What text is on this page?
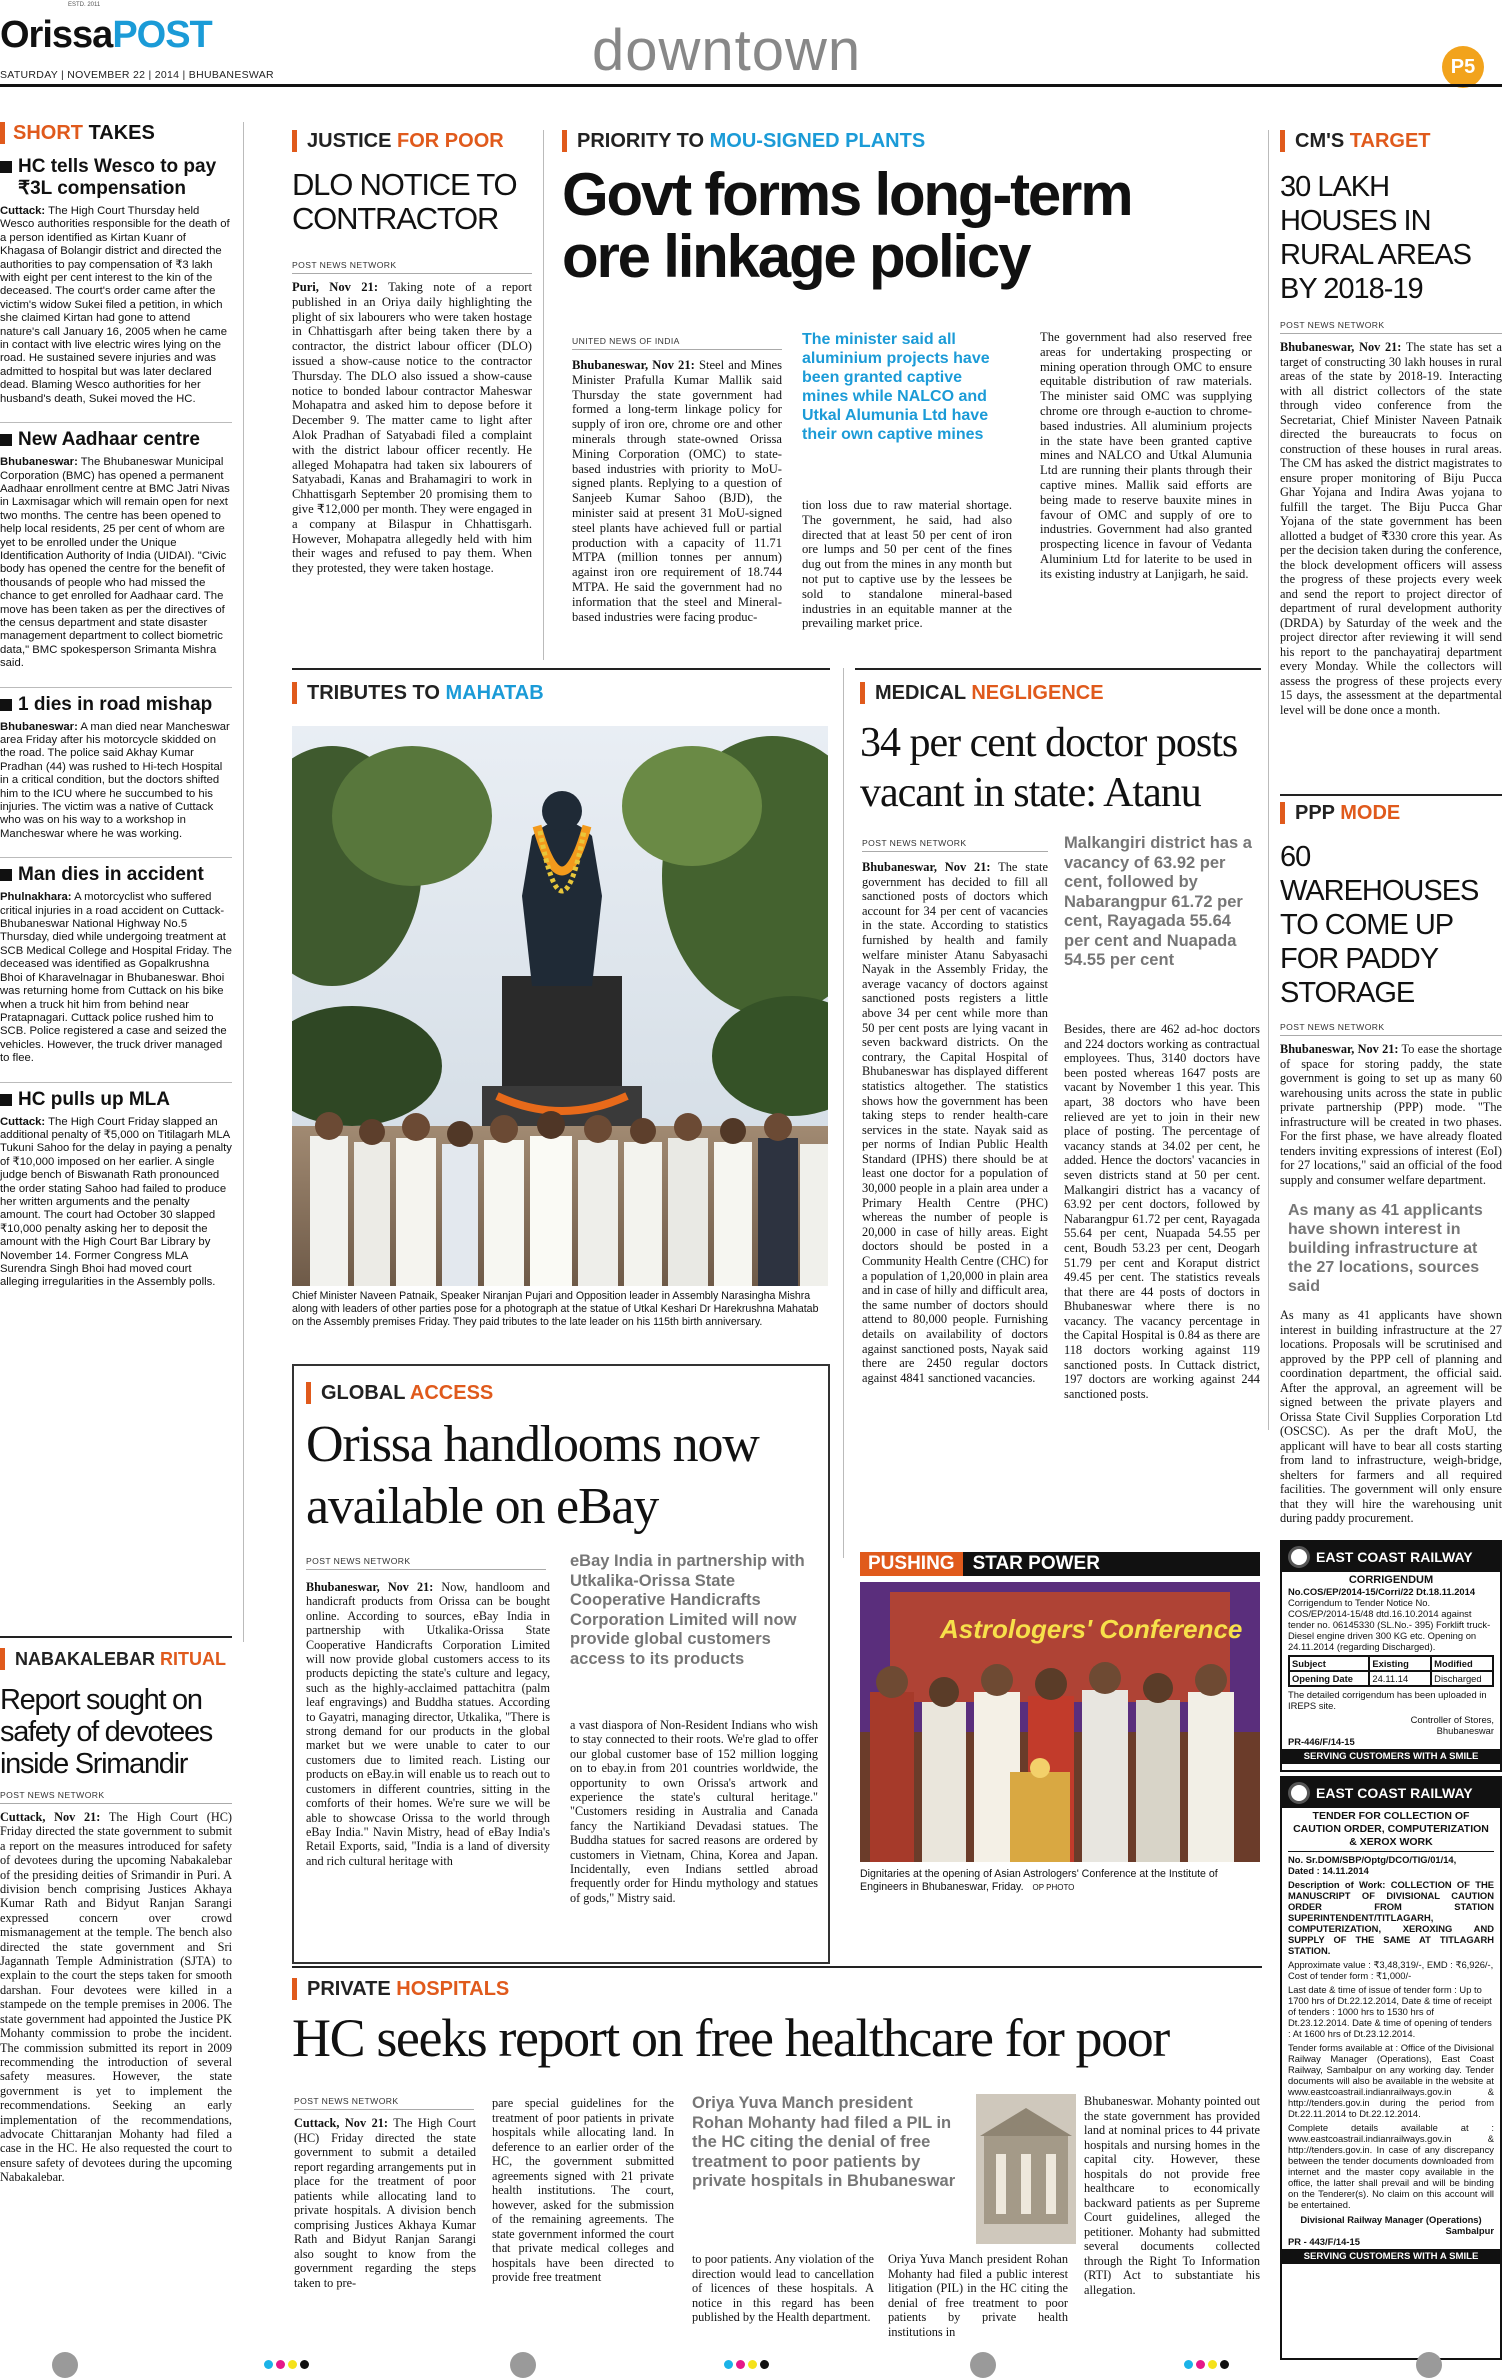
ESTD. 2011
OrissaPOST
SATURDAY | NOVEMBER 22 | 2014 | BHUBANESWAR	downtown	P5
SHORT TAKES
HC tells Wesco to pay ₹3L compensation
Cuttack: The High Court Thursday held Wesco authorities responsible for the death of a person identified as Kirtan Kuanr of Khagasa of Bolangir district and directed the authorities to pay compensation of ₹3 lakh with eight per cent interest to the kin of the deceased. The court's order came after the victim's widow Sukei filed a petition, in which she claimed Kirtan had gone to attend nature's call January 16, 2005 when he came in contact with live electric wires lying on the road. He sustained severe injuries and was admitted to hospital but was later declared dead. Blaming Wesco authorities for her husband's death, Sukei moved the HC.
New Aadhaar centre
Bhubaneswar: The Bhubaneswar Municipal Corporation (BMC) has opened a permanent Aadhaar enrollment centre at BMC Jatri Nivas in Laxmisagar which will remain open for next two months. The centre has been opened to help local residents, 25 per cent of whom are yet to be enrolled under the Unique Identification Authority of India (UIDAI). "Civic body has opened the centre for the benefit of thousands of people who had missed the chance to get enrolled for Aadhaar card. The move has been taken as per the directives of the census department and state disaster management department to collect biometric data," BMC spokesperson Srimanta Mishra said.
1 dies in road mishap
Bhubaneswar: A man died near Mancheswar area Friday after his motorcycle skidded on the road. The police said Akhay Kumar Pradhan (44) was rushed to Hi-tech Hospital in a critical condition, but the doctors shifted him to the ICU where he succumbed to his injuries. The victim was a native of Cuttack who was on his way to a workshop in Mancheswar where he was working.
Man dies in accident
Phulnakhara: A motorcyclist who suffered critical injuries in a road accident on Cuttack-Bhubaneswar National Highway No.5 Thursday, died while undergoing treatment at SCB Medical College and Hospital Friday. The deceased was identified as Gopalkrushna Bhoi of Kharavelnagar in Bhubaneswar. Bhoi was returning home from Cuttack on his bike when a truck hit him from behind near Pratapnagari. Cuttack police rushed him to SCB. Police registered a case and seized the vehicles. However, the truck driver managed to flee.
HC pulls up MLA
Cuttack: The High Court Friday slapped an additional penalty of ₹5,000 on Titilagarh MLA Tukuni Sahoo for the delay in paying a penalty of ₹10,000 imposed on her earlier. A single judge bench of Biswanath Rath pronounced the order stating Sahoo had failed to produce her written arguments and the penalty amount. The court had October 30 slapped ₹10,000 penalty asking her to deposit the amount with the High Court Bar Library by November 14. Former Congress MLA Surendra Singh Bhoi had moved court alleging irregularities in the Assembly polls.
NABAKALEBAR RITUAL
Report sought on safety of devotees inside Srimandir
POST NEWS NETWORK
Cuttack, Nov 21: The High Court (HC) Friday directed the state government to submit a report on the measures introduced for safety of devotees during the upcoming Nabakalebar of the presiding deities of Srimandir in Puri. A division bench comprising Justices Akhaya Kumar Rath and Bidyut Ranjan Sarangi expressed concern over crowd mismanagement at the temple. The bench also directed the state government and Sri Jagannath Temple Administration (SJTA) to explain to the court the steps taken for smooth darshan. Four devotees were killed in a stampede on the temple premises in 2006. The state government had appointed the Justice PK Mohanty commission to probe the incident. The commission submitted its report in 2009 recommending the introduction of several safety measures. However, the state government is yet to implement the recommendations. Seeking an early implementation of the recommendations, advocate Chittaranjan Mohanty had filed a case in the HC. He also requested the court to ensure safety of devotees during the upcoming Nabakalebar.
JUSTICE FOR POOR
DLO NOTICE TO CONTRACTOR
POST NEWS NETWORK
Puri, Nov 21: Taking note of a report published in an Oriya daily highlighting the plight of six labourers who were taken hostage in Chhattisgarh after being taken there by a contractor, the district labour officer (DLO) issued a show-cause notice to the contractor Thursday. The DLO also issued a show-cause notice to bonded labour contractor Maheswar Mohapatra and asked him to depose before it December 9. The matter came to light after Alok Pradhan of Satyabadi filed a complaint with the district labour officer recently. He alleged Mohapatra had taken six labourers of Satyabadi, Kanas and Brahamagiri to work in Chhattisgarh September 20 promising them to give ₹12,000 per month. They were engaged in a company at Bilaspur in Chhattisgarh. However, Mohapatra allegedly held with him their wages and refused to pay them. When they protested, they were taken hostage.
PRIORITY TO MOU-SIGNED PLANTS
Govt forms long-term ore linkage policy
UNITED NEWS OF INDIA
Bhubaneswar, Nov 21: Steel and Mines Minister Prafulla Kumar Mallik said Thursday the state government had formed a long-term linkage policy for supply of iron ore, chrome ore and other minerals through state-owned Orissa Mining Corporation (OMC) to state-based industries with priority to MoU-signed plants. Replying to a question of Sanjeeb Kumar Sahoo (BJD), the minister said at present 31 MoU-signed steel plants have achieved full or partial production with a capacity of 11.71 MTPA (million tonnes per annum) against iron ore requirement of 18.744 MTPA. He said the government had no information that the steel and Mineral-based industries were facing produc-
The minister said all aluminium projects have been granted captive mines while NALCO and Utkal Alumunia Ltd have their own captive mines
tion loss due to raw material shortage. The government, he said, had also directed that at least 50 per cent of iron ore lumps and 50 per cent of the fines dug out from the mines in any month but not put to captive use by the lessees be sold to standalone mineral-based industries in an equitable manner at the prevailing market price.
The government had also reserved free areas for undertaking prospecting or mining operation through OMC to ensure equitable distribution of raw materials. The minister said OMC was supplying chrome ore through e-auction to chrome-based industries. All aluminium projects in the state have been granted captive mines and NALCO and Utkal Alumunia Ltd are running their plants through their captive mines. Mallik said efforts are being made to reserve bauxite mines in favour of OMC and supply of ore to industries. Government had also granted prospecting licence in favour of Vedanta Aluminium Ltd for laterite to be used in its existing industry at Lanjigarh, he said.
CM'S TARGET
30 LAKH HOUSES IN RURAL AREAS BY 2018-19
POST NEWS NETWORK
Bhubaneswar, Nov 21: The state has set a target of constructing 30 lakh houses in rural areas of the state by 2018-19. Interacting with all district collectors of the state through video conference from the Secretariat, Chief Minister Naveen Patnaik directed the bureaucrats to focus on construction of these houses in rural areas. The CM has asked the district magistrates to ensure proper monitoring of Biju Pucca Ghar Yojana and Indira Awas yojana to fulfill the target. The Biju Pucca Ghar Yojana of the state government has been allotted a budget of ₹330 crore this year. As per the decision taken during the conference, the block development officers will assess the progress of these projects every week and send the report to project director of department of rural development authority (DRDA) by Saturday of the week and the project director after reviewing it will send his report to the panchayatiraj department every Monday. While the collectors will assess the progress of these projects every 15 days, the assessment at the departmental level will be done once a month.
PPP MODE
60 WAREHOUSES TO COME UP FOR PADDY STORAGE
POST NEWS NETWORK
Bhubaneswar, Nov 21: To ease the shortage of space for storing paddy, the state government is going to set up as many 60 warehousing units across the state in public private partnership (PPP) mode. "The infrastructure will be created in two phases. For the first phase, we have already floated tenders inviting expressions of interest (EoI) for 27 locations," said an official of the food supply and consumer welfare department.
As many as 41 applicants have shown interest in building infrastructure at the 27 locations, sources said
As many as 41 applicants have shown interest in building infrastructure at the 27 locations. Proposals will be scrutinised and approved by the PPP cell of planning and coordination department, the official said. After the approval, an agreement will be signed between the private players and Orissa State Civil Supplies Corporation Ltd (OSCSC). As per the draft MoU, the applicant will have to bear all costs starting from land to infrastructure, weigh-bridge, shelters for farmers and all required facilities. The government will only ensure that they will hire the warehousing unit during paddy procurement.
TRIBUTES TO MAHATAB
Chief Minister Naveen Patnaik, Speaker Niranjan Pujari and Opposition leader in Assembly Narasingha Mishra along with leaders of other parties pose for a photograph at the statue of Utkal Keshari Dr Harekrushna Mahatab on the Assembly premises Friday. They paid tributes to the late leader on his 115th birth anniversary.
MEDICAL NEGLIGENCE
34 per cent doctor posts vacant in state: Atanu
POST NEWS NETWORK
Bhubaneswar, Nov 21: The state government has decided to fill all sanctioned posts of doctors which account for 34 per cent of vacancies in the state. According to statistics furnished by health and family welfare minister Atanu Sabyasachi Nayak in the Assembly Friday, the average vacancy of doctors against sanctioned posts registers a little above 34 per cent while more than 50 per cent posts are lying vacant in seven backward districts. On the contrary, the Capital Hospital of Bhubaneswar has displayed different statistics altogether. The statistics shows how the government has been taking steps to render health-care services in the state. Nayak said as per norms of Indian Public Health Standard (IPHS) there should be at least one doctor for a population of 30,000 people in a plain area under a Primary Health Centre (PHC) whereas the number of people is 20,000 in case of hilly areas. Eight doctors should be posted in a Community Health Centre (CHC) for a population of 1,20,000 in plain area and in case of hilly and difficult area, the same number of doctors should attend to 80,000 people. Furnishing details on availability of doctors against sanctioned posts, Nayak said there are 2450 regular doctors against 4841 sanctioned vacancies.
Malkangiri district has a vacancy of 63.92 per cent, followed by Nabarangpur 61.72 per cent, Rayagada 55.64 per cent and Nuapada 54.55 per cent
Besides, there are 462 ad-hoc doctors and 224 doctors working as contractual employees. Thus, 3140 doctors have been posted whereas 1647 posts are vacant by November 1 this year. This apart, 38 doctors who have been relieved are yet to join in their new place of posting. The percentage of vacancy stands at 34.02 per cent, he added. Hence the doctors' vacancies in seven districts stand at 50 per cent. Malkangiri district has a vacancy of 63.92 per cent doctors, followed by Nabarangpur 61.72 per cent, Rayagada 55.64 per cent, Nuapada 54.55 per cent, Boudh 53.23 per cent, Deogarh 51.79 per cent and Koraput district 49.45 per cent. The statistics reveals that there are 44 posts of doctors in Bhubaneswar where there is no vacancy. The vacancy percentage in the Capital Hospital is 0.84 as there are 118 doctors working against 119 sanctioned posts. In Cuttack district, 197 doctors are working against 244 sanctioned posts.
GLOBAL ACCESS
Orissa handlooms now available on eBay
POST NEWS NETWORK
Bhubaneswar, Nov 21: Now, handloom and handicraft products from Orissa can be bought online. According to sources, eBay India in partnership with Utkalika-Orissa State Cooperative Handicrafts Corporation Limited will now provide global customers access to its products depicting the state's culture and legacy, such as the highly-acclaimed pattachitra (palm leaf engravings) and Buddha statues. According to Gayatri, managing director, Utkalika, "There is strong demand for our products in the global market but we were unable to cater to our customers due to limited reach. Listing our products on eBay.in will enable us to reach out to customers in different countries, sitting in the comforts of their homes. We're sure we will be able to showcase Orissa to the world through eBay India." Navin Mistry, head of eBay India's Retail Exports, said, "India is a land of diversity and rich cultural heritage with
eBay India in partnership with Utkalika-Orissa State Cooperative Handicrafts Corporation Limited will now provide global customers access to its products
a vast diaspora of Non-Resident Indians who wish to stay connected to their roots. We're glad to offer our global customer base of 152 million logging on to ebay.in from 201 countries worldwide, the opportunity to own Orissa's artwork and experience the state's cultural heritage." "Customers residing in Australia and Canada fancy the Nartikiand Devadasi statues. The Buddha statues for sacred reasons are ordered by customers in Vietnam, China, Korea and Japan. Incidentally, even Indians settled abroad frequently order for Hindu mythology and statues of gods," Mistry said.
PUSHING STAR POWER
Astrologers' Conference
Dignitaries at the opening of Asian Astrologers' Conference at the Institute of Engineers in Bhubaneswar, Friday. OP PHOTO
PRIVATE HOSPITALS
HC seeks report on free healthcare for poor
POST NEWS NETWORK
Cuttack, Nov 21: The High Court (HC) Friday directed the state government to submit a detailed report regarding arrangements put in place for the treatment of poor patients while allocating land to private hospitals. A division bench comprising Justices Akhaya Kumar Rath and Bidyut Ranjan Sarangi also sought to know from the government regarding the steps taken to pre-
pare special guidelines for the treatment of poor patients in private hospitals while allocating land. In deference to an earlier order of the HC, the government submitted agreements signed with 21 private health institutions. The court, however, asked for the submission of the remaining agreements. The state government informed the court that private medical colleges and hospitals have been directed to provide free treatment
Oriya Yuva Manch president Rohan Mohanty had filed a PIL in the HC citing the denial of free treatment to poor patients by private hospitals in Bhubaneswar
to poor patients. Any violation of the direction would lead to cancellation of licences of these hospitals. A notice in this regard has been published by the Health department.
Oriya Yuva Manch president Rohan Mohanty had filed a public interest litigation (PIL) in the HC citing the denial of free treatment to poor patients by private health institutions in
Bhubaneswar. Mohanty pointed out the state government has provided land at nominal prices to 44 private hospitals and nursing homes in the capital city. However, these hospitals do not provide free healthcare to economically backward patients as per Supreme Court guidelines, alleged the petitioner. Mohanty had submitted several documents collected through the Right To Information (RTI) Act to substantiate his allegation.
EAST COAST RAILWAY
CORRIGENDUM
No.COS/EP/2014-15/Corri/22 Dt.18.11.2014
Corrigendum to Tender Notice No. COS/EP/2014-15/48 dtd.16.10.2014 against tender no. 06145330 (SL.No.- 395) Forklift truck-Diesel engine driven 300 KG etc. Opening on 24.11.2014 (regarding Discharged).
Subject	Existing	Modified
Opening Date	24.11.14	Discharged
The detailed corrigendum has been uploaded in IREPS site.
Controller of Stores,
Bhubaneswar
PR-446/F/14-15
SERVING CUSTOMERS WITH A SMILE
EAST COAST RAILWAY
TENDER FOR COLLECTION OF CAUTION ORDER, COMPUTERIZATION & XEROX WORK
No. Sr.DOM/SBP/Optg/DCO/TIG/01/14,
Dated : 14.11.2014
Description of Work: COLLECTION OF THE MANUSCRIPT OF DIVISIONAL CAUTION ORDER FROM STATION SUPERINTENDENT/TITLAGARH, COMPUTERIZATION, XEROXING AND SUPPLY OF THE SAME AT TITLAGARH STATION.
Approximate value : ₹3,48,319/-, EMD : ₹6,926/-, Cost of tender form : ₹1,000/-
Last date & time of issue of tender form : Up to 1700 hrs of Dt.22.12.2014, Date & time of receipt of tenders : 1000 hrs to 1530 hrs of Dt.23.12.2014. Date & time of opening of tenders : At 1600 hrs of Dt.23.12.2014.
Tender forms available at : Office of the Divisional Railway Manager (Operations), East Coast Railway, Sambalpur on any working day. Tender documents will also be available in the website at www.eastcoastrail.indianrailways.gov.in & http://tenders.gov.in during the period from Dt.22.11.2014 to Dt.22.12.2014.
Complete details available at : www.eastcoastrail.indianrailways.gov.in & http://tenders.gov.in. In case of any discrepancy between the tender documents downloaded from internet and the master copy available in the office, the latter shall prevail and will be binding on the Tenderer(s). No claim on this account will be entertained.
Divisional Railway Manager (Operations)
Sambalpur
PR - 443/F/14-15
SERVING CUSTOMERS WITH A SMILE
